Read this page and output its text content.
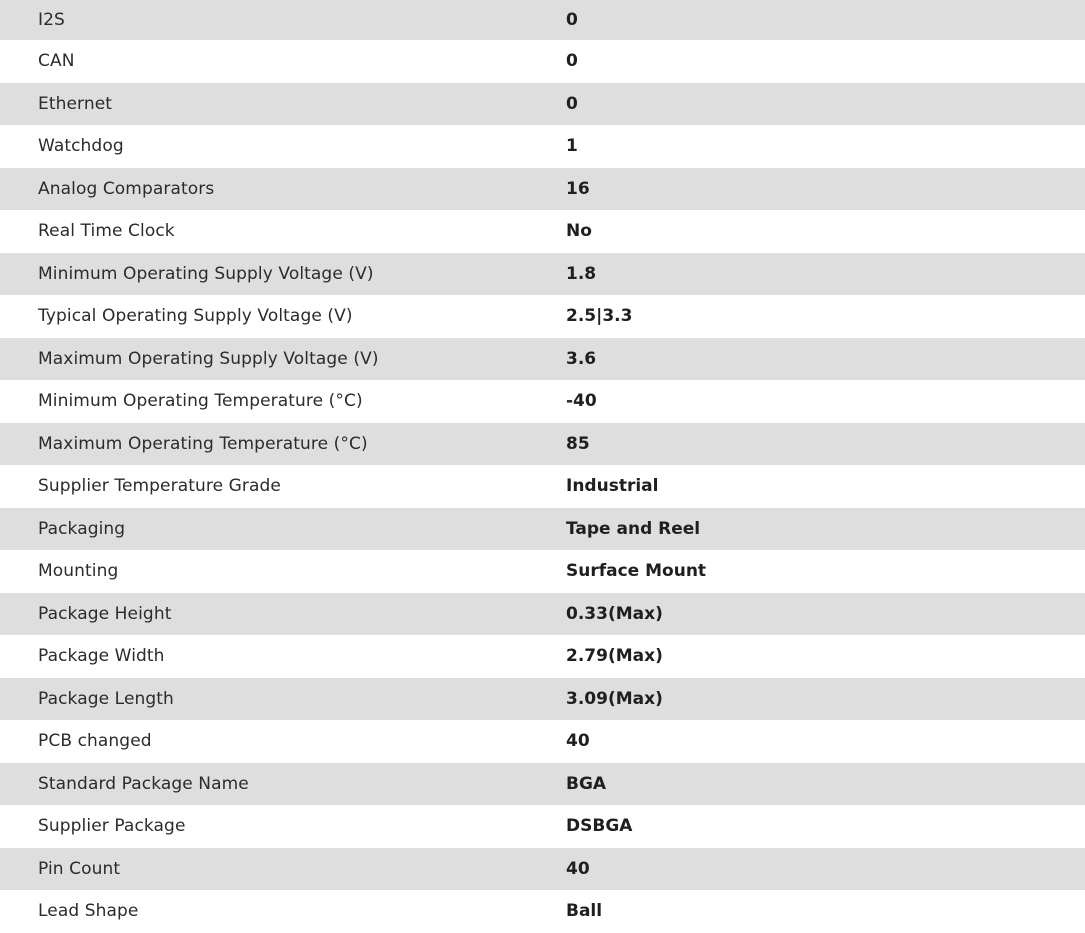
I2S	0
CAN	0
Ethernet	0
Watchdog	1
Analog Comparators	16
Real Time Clock	No
Minimum Operating Supply Voltage (V)	1.8
Typical Operating Supply Voltage (V)	2.5|3.3
Maximum Operating Supply Voltage (V)	3.6
Minimum Operating Temperature (°C)	-40
Maximum Operating Temperature (°C)	85
Supplier Temperature Grade	Industrial
Packaging	Tape and Reel
Mounting	Surface Mount
Package Height	0.33(Max)
Package Width	2.79(Max)
Package Length	3.09(Max)
PCB changed	40
Standard Package Name	BGA
Supplier Package	DSBGA
Pin Count	40
Lead Shape	Ball
